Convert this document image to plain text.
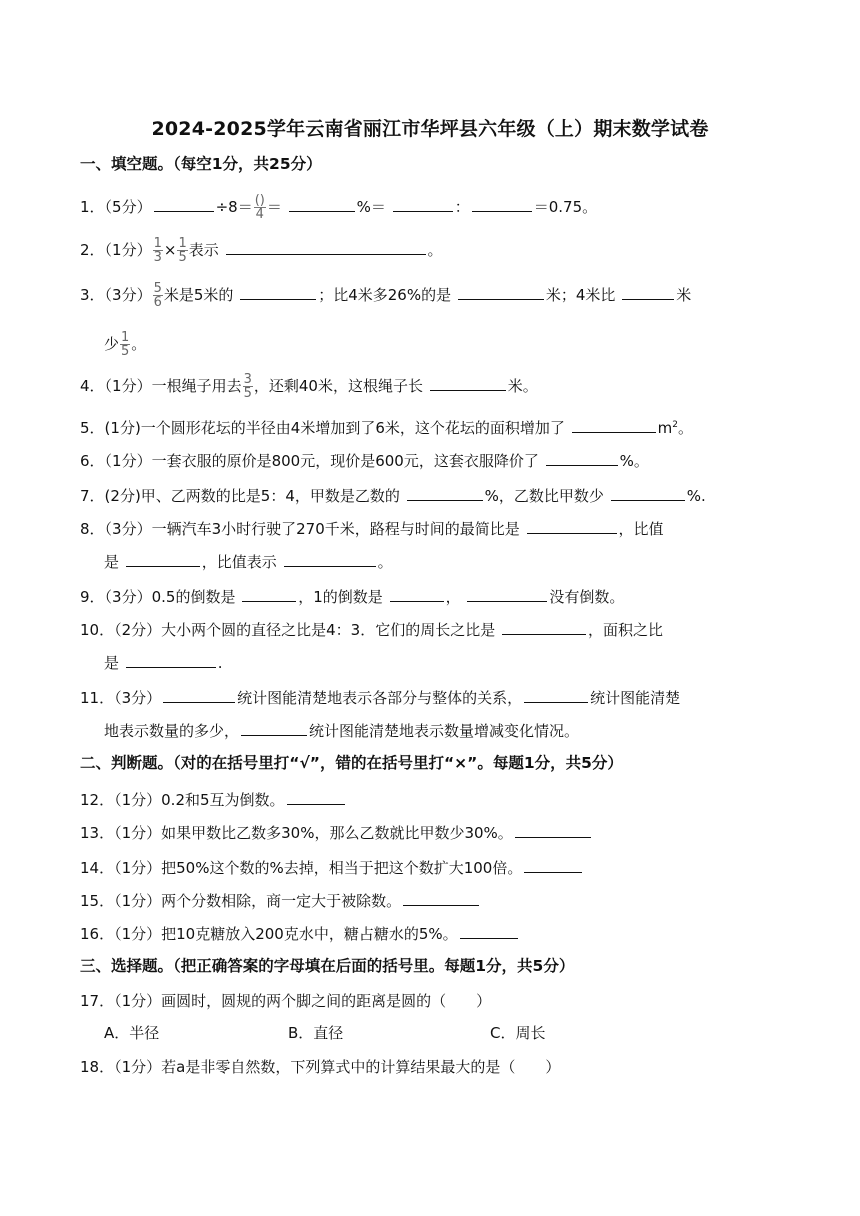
2024-2025学年云南省丽江市华坪县六年级（上）期末数学试卷
一、填空题。（每空1分，共25分）
1．（5分）	$\div 8= \frac{()}{4}$ ＝	%＝	：	＝0.75。
2．（1分） $\frac{1}{3} \times \frac{1}{5}$ 表示	。
3．（3分） $\frac{5}{6}$ 米是5米的	；比4米多26%的是	米；4米比	米
少 $\frac{1}{5}$ 。
4．（1分）一根绳子用去 $\frac{3}{5}$ ，还剩40米，这根绳子长	米。
5．(1分)一个圆形花坛的半径由4米增加到了6米，这个花坛的面积增加了	$m^2$。
6．（1分）一套衣服的原价是800元，现价是600元，这套衣服降价了	%。
7．(2分)甲、乙两数的比是5：4，甲数是乙数的	%，乙数比甲数少	%.
8．（3分）一辆汽车3小时行驶了270千米，路程与时间的最简比是	，比值
是	，比值表示	。
9．（3分）0.5的倒数是	，1的倒数是	，	没有倒数。
10．（2分）大小两个圆的直径之比是4：3．它们的周长之比是	，面积之比
是	.
11．（3分）	统计图能清楚地表示各部分与整体的关系，	统计图能清楚
地表示数量的多少，	统计图能清楚地表示数量增减变化情况。
二、判断题。（对的在括号里打“√”，错的在括号里打“×”。每题1分，共5分）
12．（1分）0.2和5互为倒数。
13．（1分）如果甲数比乙数多30%，那么乙数就比甲数少30%。
14．（1分）把50%这个数的%去掉，相当于把这个数扩大100倍。
15．（1分）两个分数相除，商一定大于被除数。
16．（1分）把10克糖放入200克水中，糖占糖水的5%。
三、选择题。（把正确答案的字母填在后面的括号里。每题1分，共5分）
17．（1分）画圆时，圆规的两个脚之间的距离是圆的（　　）
A．半径	B．直径	C．周长
18．（1分）若a是非零自然数，下列算式中的计算结果最大的是（　　）
